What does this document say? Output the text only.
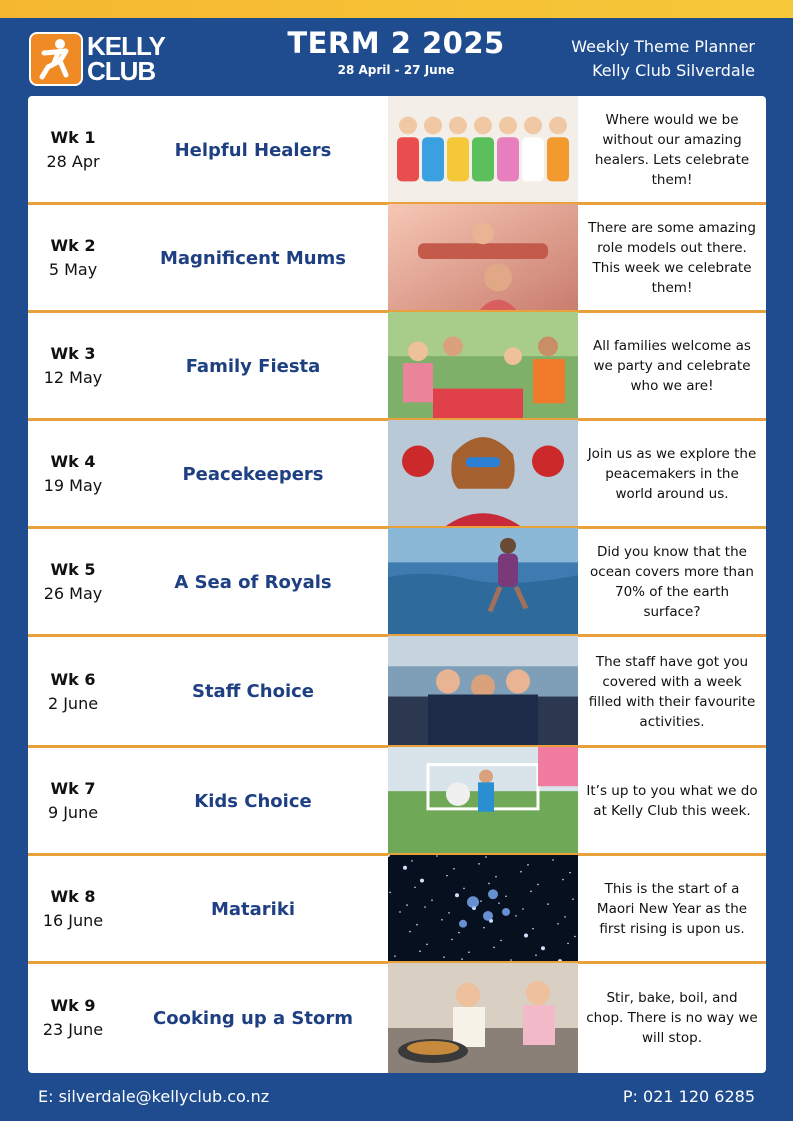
KELLY
CLUB
TERM 2 2025
28 April - 27 June
Weekly Theme Planner
Kelly Club Silverdale
Wk 1
28 Apr
Helpful Healers
Where would we be without our amazing healers. Lets celebrate them!
Wk 2
5 May
Magnificent Mums
There are some amazing role models out there. This week we celebrate them!
Wk 3
12 May
Family Fiesta
All families welcome as we party and celebrate who we are!
Wk 4
19 May
Peacekeepers
Join us as we explore the peacemakers in the world around us.
Wk 5
26 May
A Sea of Royals
Did you know that the ocean covers more than 70% of the earth surface?
Wk 6
2 June
Staff Choice
The staff have got you covered with a week filled with their favourite activities.
Wk 7
9 June
Kids Choice	It’s up to you what we do at Kelly Club this week.
Wk 8
16 June
Matariki
This is the start of a Maori New Year as the first rising is upon us.
Wk 9
23 June
Cooking up a Storm
Stir, bake, boil, and chop. There is no way we will stop.
E: silverdale@kellyclub.co.nz	P: 021 120 6285
